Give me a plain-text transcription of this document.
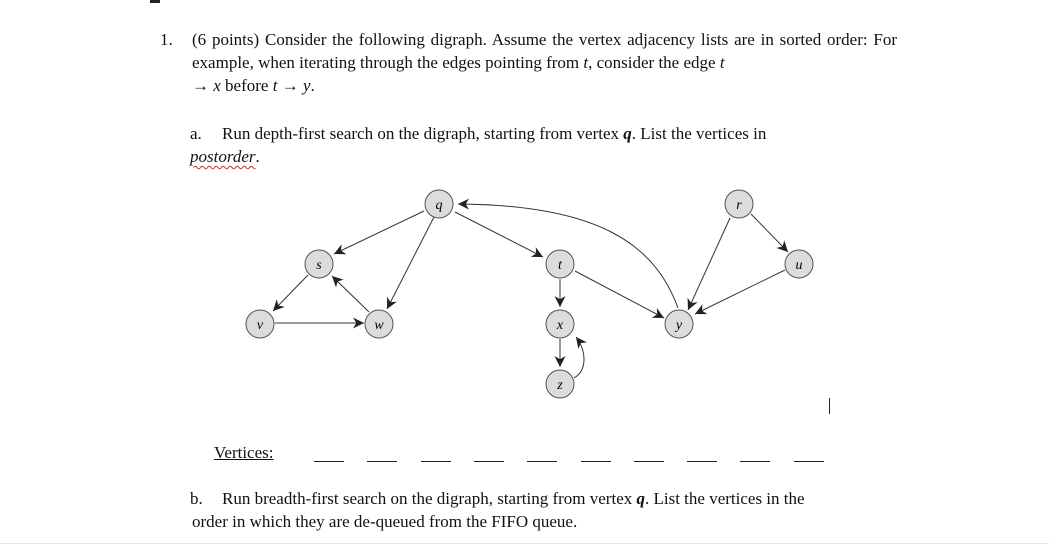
1. (6 points) Consider the following digraph. Assume the vertex adjacency lists are in sorted order: For example, when iterating through the edges pointing from t, consider the edge t
→ x before t → y.
a. Run depth-first search on the digraph, starting from vertex q. List the vertices in
postorder.
q	r
s	t	u
v	w	x	y
z
Vertices:
b. Run breadth-first search on the digraph, starting from vertex q. List the vertices in the
order in which they are de-queued from the FIFO queue.
